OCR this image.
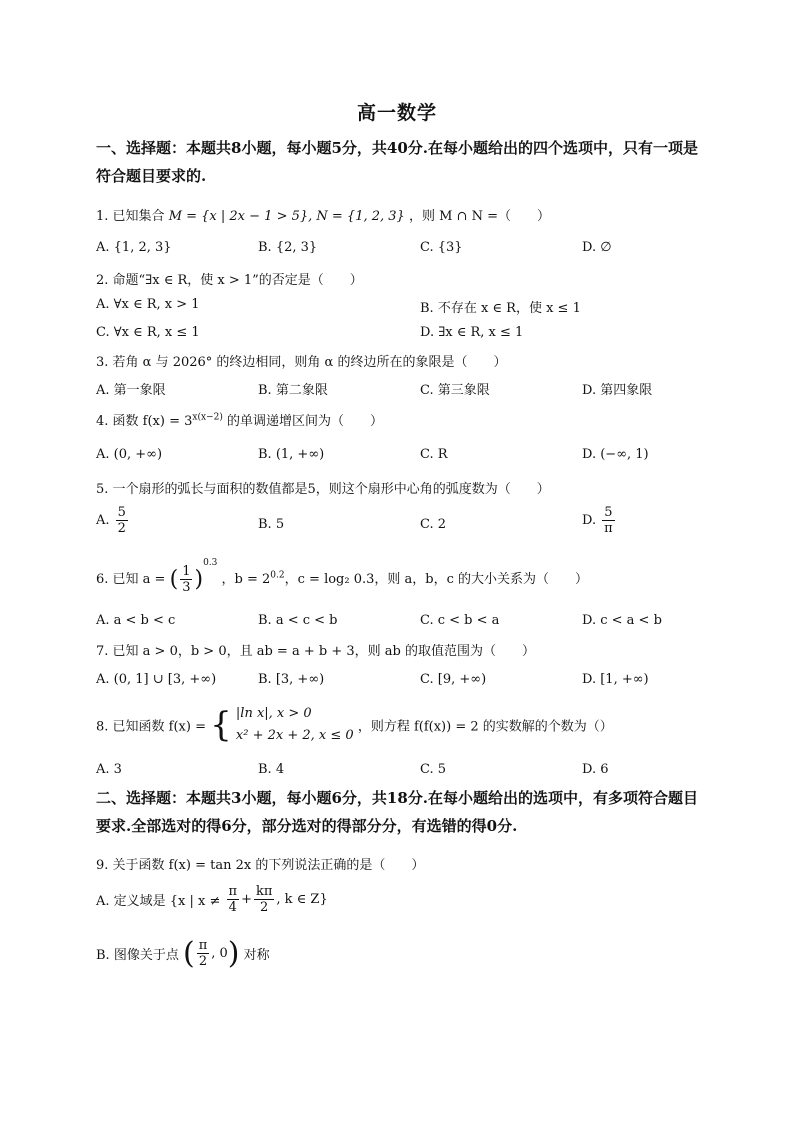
高一数学
一、选择题：本题共8小题，每小题5分，共40分.在每小题给出的四个选项中，只有一项是符合题目要求的.
1. 已知集合 M = {x | 2x − 1 > 5}, N = {1, 2, 3} ，则 M ∩ N =（　　）
A. {1, 2, 3}	B. {2, 3}	C. {3}	D. ∅
2. 命题“∃x ∈ R，使 x > 1”的否定是（　　）
A. ∀x ∈ R, x > 1	B. 不存在 x ∈ R，使 x ≤ 1
C. ∀x ∈ R, x ≤ 1	D. ∃x ∈ R, x ≤ 1
3. 若角 α 与 2026° 的终边相同，则角 α 的终边所在的象限是（　　）
A. 第一象限	B. 第二象限	C. 第三象限	D. 第四象限
4. 函数 $f(x) = 3^{x(x-2)}$ 的单调递增区间为（　　）
A. (0, +∞)	B. (1, +∞)	C. R	D. (−∞, 1)
5. 一个扇形的弧长与面积的数值都是5，则这个扇形中心角的弧度数为（　　）
A. $\frac{5}{2}$	B. 5	C. 2	D. $\frac{5}{\pi}$
6. 已知 a = ( $\frac{1}{3} )^{0.3}$ ，$b = 2^{0.2}$，c = log₂ 0.3，则 a，b，c 的大小关系为（　　）
A. a < b < c	B. a < c < b	C. c < b < a	D. c < a < b
7. 已知 a > 0，b > 0，且 ab = a + b + 3，则 ab 的取值范围为（　　）
A. (0, 1] ∪ [3, +∞)	B. [3, +∞)	C. [9, +∞)	D. [1, +∞)
8. 已知函数 f(x) = { |ln x|, x > 0
x² + 2x + 2, x ≤ 0
，则方程 f(f(x)) = 2 的实数解的个数为（）
A. 3	B. 4	C. 5	D. 6
二、选择题：本题共3小题，每小题6分，共18分.在每小题给出的选项中，有多项符合题目要求.全部选对的得6分，部分选对的得部分分，有选错的得0分.
9. 关于函数 f(x) = tan 2x 的下列说法正确的是（　　）
A. 定义域是 {x | $x \ne \frac{\pi}{4} + \frac{k\pi}{2}$ , k ∈ Z}
B. 图像关于点 ( $\frac{\pi}{2}$ , 0) 对称
